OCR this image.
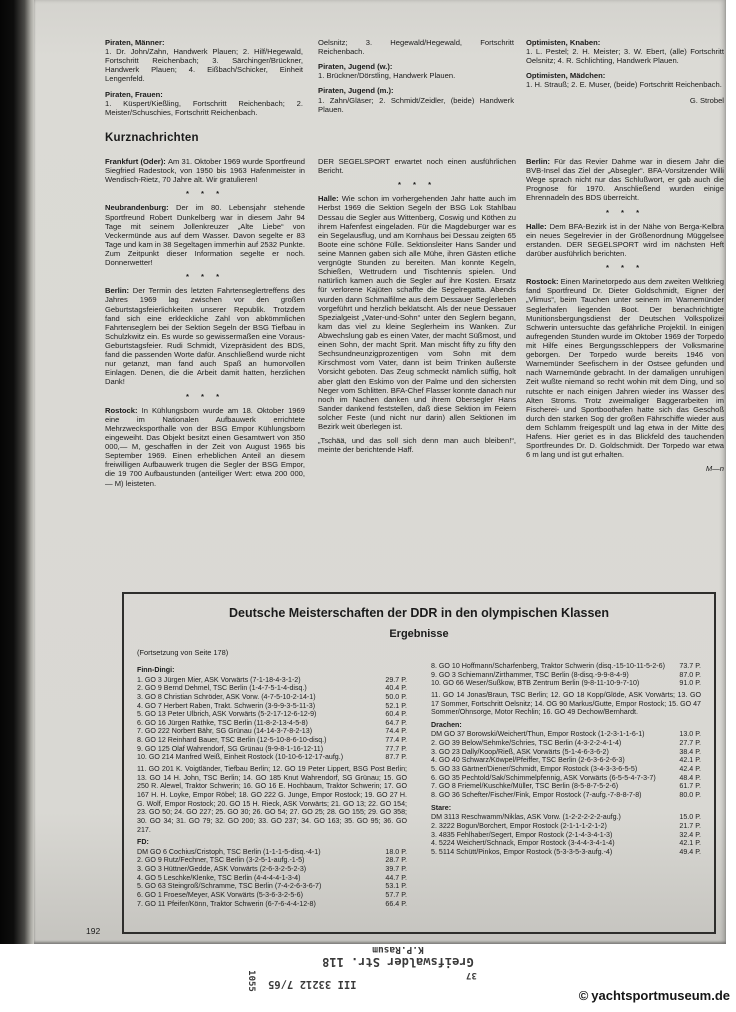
Piraten, Männer:
1. Dr. John/Zahn, Handwerk Plauen; 2. Hilf/Hegewald, Fortschritt Reichenbach; 3. Särchinger/Brückner, Handwerk Plauen; 4. Eißbach/Schicker, Einheit Lengenfeld.
Piraten, Frauen:
1. Küspert/Kießling, Fortschritt Reichenbach; 2. Meister/Schuschies, Fortschritt Reichenbach.
Oelsnitz; 3. Hegewald/Hegewald, Fortschritt Reichenbach.
Piraten, Jugend (w.):
1. Brückner/Dörstling, Handwerk Plauen.
Piraten, Jugend (m.):
1. Zahn/Gläser; 2. Schmidt/Zeidler, (beide) Handwerk Plauen.
Optimisten, Knaben:
1. L. Pestel; 2. H. Meister; 3. W. Ebert, (alle) Fortschritt Oelsnitz; 4. R. Schlichting, Handwerk Plauen.
Optimisten, Mädchen:
1. H. Strauß; 2. E. Muser, (beide) Fortschritt Reichenbach.
G. Strobel
Kurznachrichten

Frankfurt (Oder): Am 31. Oktober 1969 wurde Sportfreund Siegfried Radestock, von 1950 bis 1963 Hafenmeister in Wendisch-Rietz, 70 Jahre alt. Wir gratulieren!

* * *

Neubrandenburg: Der im 80. Lebensjahr stehende Sportfreund Robert Dunkelberg war in diesem Jahr 94 Tage mit seinem Jollenkreuzer „Alte Liebe“ von Veckermünde aus auf dem Wasser. Davon segelte er 83 Tage und kam in 38 Segeltagen immerhin auf 2532 Punkte. Zum Zeitpunkt dieser Information segelte er noch. Donnerwetter!

* * *

Berlin: Der Termin des letzten Fahrtenseglertreffens des Jahres 1969 lag zwischen vor den großen Geburtstagsfeierlichkeiten unserer Republik. Trotzdem fand sich eine erkleckliche Zahl von abkömmlichen Fahrtenseglern bei der Sektion Segeln der BSG Tiefbau in Schulzkwitz ein. Es wurde so gewissermaßen eine Voraus-Geburtstagsfeier. Rudi Schmidt, Vizepräsident des BDS, fand die passenden Worte dafür. Anschließend wurde nicht nur getanzt, man fand auch Spaß an humorvollen Einlagen. Denen, die die Arbeit damit hatten, herzlichen Dank!

* * *

Rostock: In Kühlungsborn wurde am 18. Oktober 1969 eine im Nationalen Aufbauwerk errichtete Mehrzwecksporthalle von der BSG Empor Kühlungsborn eingeweiht. Das Objekt besitzt einen Gesamtwert von 350 000,— M, geschaffen in der Zeit von August 1965 bis September 1969. Einen erheblichen Anteil an diesem freiwilligen Aufbauwerk trugen die Segler der BSG Empor, die 19 700 Aufbaustunden (anteiliger Wert: etwa 200 000,— M) leisteten.

DER SEGELSPORT erwartet noch einen ausführlichen Bericht.

* * *

Halle: Wie schon im vorhergehenden Jahr hatte auch im Herbst 1969 die Sektion Segeln der BSG Lok Stahlbau Dessau die Segler aus Wittenberg, Coswig und Köthen zu ihrem Hafenfest eingeladen. Für die Magdeburger war es ein Segelausflug, und am Kornhaus bei Dessau zeigten 65 Boote eine schöne Fülle. Sektionsleiter Hans Sander und seine Mannen gaben sich alle Mühe, ihren Gästen etliche vergnügte Stunden zu bereiten. Man konnte Kegeln, Schießen, Wettrudern und Tischtennis spielen. Und natürlich kamen auch die Segler auf ihre Kosten. Ersatz für verlorene Kajüten schaffte die Segelregatta. Abends wurden dann Schmalfilme aus dem Dessauer Seglerleben vorgeführt und herzlich beklatscht. Als der neue Dessauer Spezialgeist „Vater-und-Sohn“ unter den Seglern begann, kam das viel zu kleine Seglerheim ins Wanken. Zur Abwechslung gab es einen Vater, der macht Süßmost, und einen Sohn, der macht Sprit. Man mischt fifty zu fifty den Sechsundneunzigprozentigen vom Sohn mit dem Kirschmost vom Vater, dann ist beim Trinken äußerste Vorsicht geboten. Das Zeug schmeckt nämlich süffig, holt aber glatt den Eskimo von der Palme und den sichersten Neger vom Schlitten. BFA-Chef Flasser konnte danach nur noch im Nachen danken und ihrem Obersegler Hans Sander dankend feststellen, daß diese Sektion im Feiern solcher Feste (und nicht nur darin) allen Sektionen im Bezirk weit überlegen ist.

„Tschää, und das soll sich denn man auch bleiben!“, meinte der berichtende Haff.

Berlin: Für das Revier Dahme war in diesem Jahr die BVB-Insel das Ziel der „Absegler“. BFA-Vorsitzender Willi Wege sprach nicht nur das Schlußwort, er gab auch die Prognose für 1970. Anschließend wurden einige Ehrennadeln des BDS überreicht.

* * *

Halle: Dem BFA-Bezirk ist in der Nähe von Berga-Kelbra ein neues Segelrevier in der Größenordnung Müggelsee erstanden. DER SEGELSPORT wird im nächsten Heft darüber ausführlich berichten.

* * *

Rostock: Einen Marinetorpedo aus dem zweiten Weltkrieg fand Sportfreund Dr. Dieter Goldschmidt, Eigner der „Vlimus“, beim Tauchen unter seinem im Warnemünder Seglerhafen liegenden Boot. Der benachrichtigte Munitionsbergungsdienst der Deutschen Volkspolizei Schwerin untersuchte das gefährliche Projektil. In einigen aufregenden Stunden wurde im Oktober 1969 der Torpedo mit Hilfe eines Bergungsschleppers der Volksmarine geborgen. Der Torpedo wurde bereits 1946 von Warnemünder Seefischern in der Ostsee gefunden und nach Warnemünde gebracht. In der damaligen unruhigen Zeit wußte niemand so recht wohin mit dem Ding, und so rutschte er nach einigen Jahren wieder ins Wasser des Alten Stroms. Trotz zweimaliger Baggerarbeiten im Fischerei- und Sportboothafen hatte sich das Geschoß durch den starken Sog der großen Fährschiffe wieder aus dem Schlamm freigespült und lag etwa in der Mitte des Hafens. Hier geriet es in das Blickfeld des tauchenden Sportfreundes Dr. D. Goldschmidt. Der Torpedo war etwa 6 m lang und ist gut erhalten.

M—n

Deutsche Meisterschaften der DDR in den olympischen Klassen
Ergebnisse
(Fortsetzung von Seite 178)
Finn-Dingi:
1. GO 3 Jürgen Mier, ASK Vorwärts (7-1-18-4-3-1-2)	29.7 P.
2. GO 9 Bernd Dehmel, TSC Berlin (1-4-7-5-1-4-disq.)	40.4 P.
3. GO 8 Christian Schröder, ASK Vorw. (4-7-5-10-2-14-1)	50.0 P.
4. GO 7 Herbert Raben, Trakt. Schwerin (3-9-9-3-5-11-3)	52.1 P.
5. GO 13 Peter Ulbrich, ASK Vorwärts (5-2-17-12-6-12-9)	60.4 P.
6. GO 16 Jürgen Rathke, TSC Berlin (11-8-2-13-4-5-8)	64.7 P.
7. GO 222 Norbert Bähr, SG Grünau (14-14-3-7-8-2-13)	74.4 P.
8. GO 12 Reinhard Bauer, TSC Berlin (12-5-10-8-6-10-disq.)	77.4 P.
9. GO 125 Olaf Wahrendorf, SG Grünau (9-9-8-1-16-12-11)	77.7 P.
10. GO 214 Manfred Weiß, Einheit Rostock (10-10-6-12-17-aufg.)	87.7 P.
11. GO 201 K. Voigtländer, Tiefbau Berlin; 12. GO 19 Peter Lippert, BSG Post Berlin; 13. GO 14 H. John, TSC Berlin; 14. GO 185 Knut Wahrendorf, SG Grünau; 15. GO 250 R. Alewel, Traktor Schwerin; 16. GO 16 E. Hochbaum, Traktor Schwerin; 17. GO 167 H. H. Loyke, Empor Röbel; 18. GO 222 G. Junge, Empor Rostock; 19. GO 27 H. G. Wolf, Empor Rostock; 20. GO 15 H. Rieck, ASK Vorwärts; 21. GO 13; 22. GO 154; 23. GO 50; 24. GO 227; 25. GO 30; 26. GO 54; 27. GO 25; 28. GO 155; 29. GO 358; 30. GO 34; 31. GO 79; 32. GO 200; 33. GO 237; 34. GO 163; 35. GO 95; 36. GO 217.
FD:
DM GO 6 Cochius/Cristoph, TSC Berlin (1-1-1-5-disq.-4-1)	18.0 P.
2. GO 9 Rutz/Fechner, TSC Berlin (3-2-5-1-aufg.-1-5)	28.7 P.
3. GO 3 Hüttner/Gedde, ASK Vorwärts (2-6-3-2-5-2-3)	39.7 P.
4. GO 5 Leschke/Klenke, TSC Berlin (4-4-4-4-1-3-4)	44.7 P.
5. GO 63 Steingroß/Schramme, TSC Berlin (7-4-2-6-3-6-7)	53.1 P.
6. GO 1 Froese/Meyer, ASK Vorwärts (5-3-6-3-2-5-6)	57.7 P.
7. GO 11 Pfeifer/Könn, Traktor Schwerin (6-7-6-4-4-12-8)	66.4 P.
8. GO 10 Hoffmann/Scharfenberg, Traktor Schwerin (disq.-15-10-11-5-2-6)	73.7 P.
9. GO 3 Schiemann/Zirthammer, TSC Berlin (8-disq.-9-9-8-4-9)	87.0 P.
10. GO 66 Weser/Sußkow, BTB Zentrum Berlin (9-8-11-10-9-7-10)	91.0 P.
11. GO 14 Jonas/Braun, TSC Berlin; 12. GO 18 Kopp/Glöde, ASK Vorwärts; 13. GO 17 Sommer, Fortschritt Oelsnitz; 14. OG 90 Markus/Gutte, Empor Rostock; 15. GO 47 Sommer/Ohnsorge, Motor Rechlin; 16. GO 49 Dechow/Bernhardt.
Drachen:
DM GO 37 Borowski/Weichert/Thun, Empor Rostock (1-2-3-1-1-6-1)	13.0 P.
2. GO 39 Below/Sehmke/Schries, TSC Berlin (4-3-2-2-4-1-4)	27.7 P.
3. GO 23 Dally/Koop/Rieß, ASK Vorwärts (5-1-4-6-3-6-2)	38.4 P.
4. GO 40 Schwarz/Köwpel/Pfeiffer, TSC Berlin (2-6-3-6-2-6-3)	42.1 P.
5. GO 33 Gärtner/Diener/Schmidt, Empor Rostock (3-4-3-3-6-5-5)	42.4 P.
6. GO 35 Pechtold/Sak/Schimmelpfennig, ASK Vorwärts (6-5-5-4-7-3-7)	48.4 P.
7. GO 8 Friemel/Kuschke/Müller, TSC Berlin (8-5-8-7-5-2-6)	61.7 P.
8. GO 36 Schefter/Fischer/Fink, Empor Rostock (7-aufg.-7-8-8-7-8)	80.0 P.
Stare:
DM 3113 Reschwamm/Niklas, ASK Vorw. (1-2-2-2-2-2-aufg.)	15.0 P.
2. 3222 Bogun/Borchert, Empor Rostock (2-1-1-1-2-1-2)	21.7 P.
3. 4835 Fehlhaber/Segert, Empor Rostock (2-1-4-3-4-1-3)	32.4 P.
4. 5224 Weichert/Schnack, Empor Rostock (3-4-4-3-4-1-4)	42.1 P.
5. 5114 Schütt/Pinkos, Empor Rostock (5-3-3-5-3-aufg.-4)	49.4 P.
192
Greifswalder Str. 118
K.P.Rasum
III 33212 7/65
37
1055
© yachtsportmuseum.de
